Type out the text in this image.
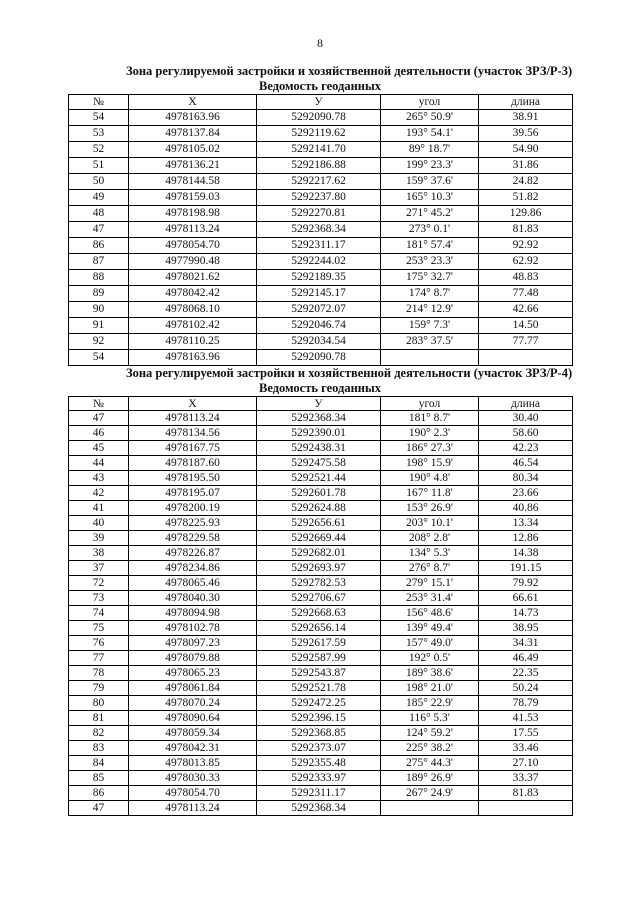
8
Зона регулируемой застройки и хозяйственной деятельности (участок ЗРЗ/Р-3)
Ведомость геоданных
№	X	У	угол	длина
54	4978163.96	5292090.78	265° 50.9'	38.91
53	4978137.84	5292119.62	193° 54.1'	39.56
52	4978105.02	5292141.70	89° 18.7'	54.90
51	4978136.21	5292186.88	199° 23.3'	31.86
50	4978144.58	5292217.62	159° 37.6'	24.82
49	4978159.03	5292237.80	165° 10.3'	51.82
48	4978198.98	5292270.81	271° 45.2'	129.86
47	4978113.24	5292368.34	273° 0.1'	81.83
86	4978054.70	5292311.17	181° 57.4'	92.92
87	4977990.48	5292244.02	253° 23.3'	62.92
88	4978021.62	5292189.35	175° 32.7'	48.83
89	4978042.42	5292145.17	174° 8.7'	77.48
90	4978068.10	5292072.07	214° 12.9'	42.66
91	4978102.42	5292046.74	159° 7.3'	14.50
92	4978110.25	5292034.54	283° 37.5'	77.77
54	4978163.96	5292090.78		
Зона регулируемой застройки и хозяйственной деятельности (участок ЗРЗ/Р-4)
Ведомость геоданных
№	X	У	угол	длина
47	4978113.24	5292368.34	181° 8.7'	30.40
46	4978134.56	5292390.01	190° 2.3'	58.60
45	4978167.75	5292438.31	186° 27.3'	42.23
44	4978187.60	5292475.58	198° 15.9'	46.54
43	4978195.50	5292521.44	190° 4.8'	80.34
42	4978195.07	5292601.78	167° 11.8'	23.66
41	4978200.19	5292624.88	153° 26.9'	40.86
40	4978225.93	5292656.61	203° 10.1'	13.34
39	4978229.58	5292669.44	208° 2.8'	12.86
38	4978226.87	5292682.01	134° 5.3'	14.38
37	4978234.86	5292693.97	276° 8.7'	191.15
72	4978065.46	5292782.53	279° 15.1'	79.92
73	4978040.30	5292706.67	253° 31.4'	66.61
74	4978094.98	5292668.63	156° 48.6'	14.73
75	4978102.78	5292656.14	139° 49.4'	38.95
76	4978097.23	5292617.59	157° 49.0'	34.31
77	4978079.88	5292587.99	192° 0.5'	46.49
78	4978065.23	5292543.87	189° 38.6'	22.35
79	4978061.84	5292521.78	198° 21.0'	50.24
80	4978070.24	5292472.25	185° 22.9'	78.79
81	4978090.64	5292396.15	116° 5.3'	41.53
82	4978059.34	5292368.85	124° 59.2'	17.55
83	4978042.31	5292373.07	225° 38.2'	33.46
84	4978013.85	5292355.48	275° 44.3'	27.10
85	4978030.33	5292333.97	189° 26.9'	33.37
86	4978054.70	5292311.17	267° 24.9'	81.83
47	4978113.24	5292368.34		
